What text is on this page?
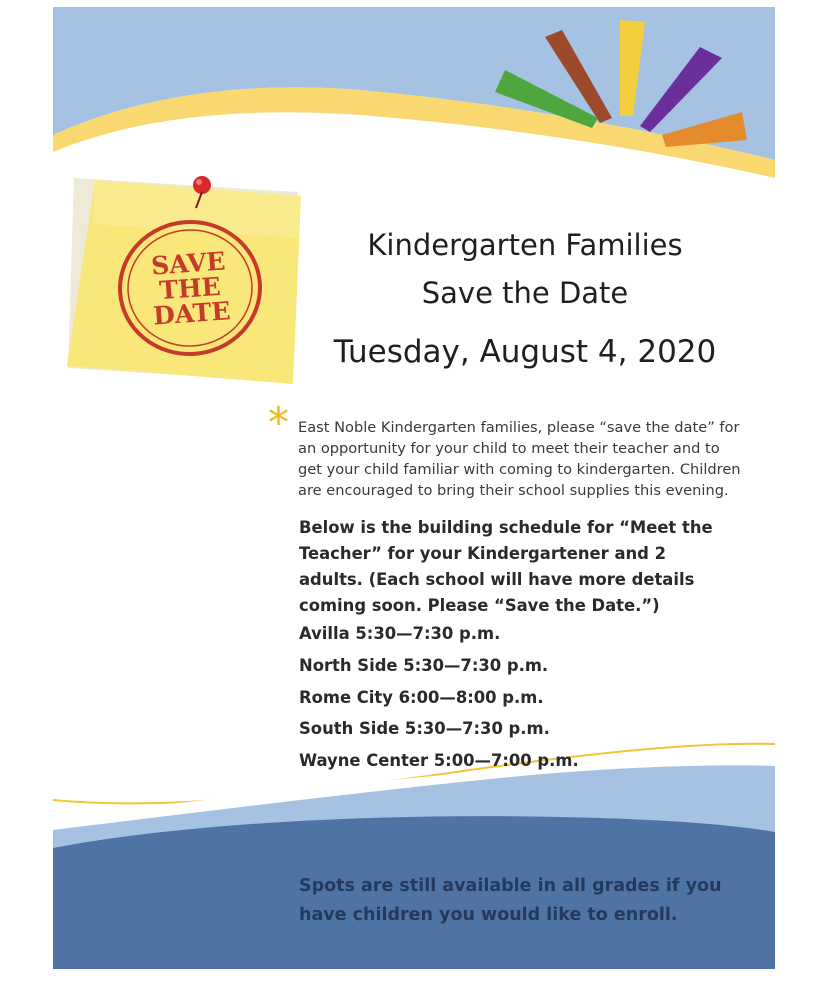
SAVE
THE
DATE
Kindergarten Families
Save the Date
Tuesday, August 4, 2020
* East Noble Kindergarten families, please “save the date” for an opportunity for your child to meet their teacher and to get your child familiar with coming to kindergarten. Children are encouraged to bring their school supplies this evening.
Below is the building schedule for “Meet the Teacher” for your Kindergartener and 2 adults. (Each school will have more details coming soon. Please “Save the Date.”)
Avilla 5:30—7:30 p.m.
North Side 5:30—7:30 p.m.
Rome City 6:00—8:00 p.m.
South Side 5:30—7:30 p.m.
Wayne Center 5:00—7:00 p.m.
Spots are still available in all grades if you have children you would like to enroll.
